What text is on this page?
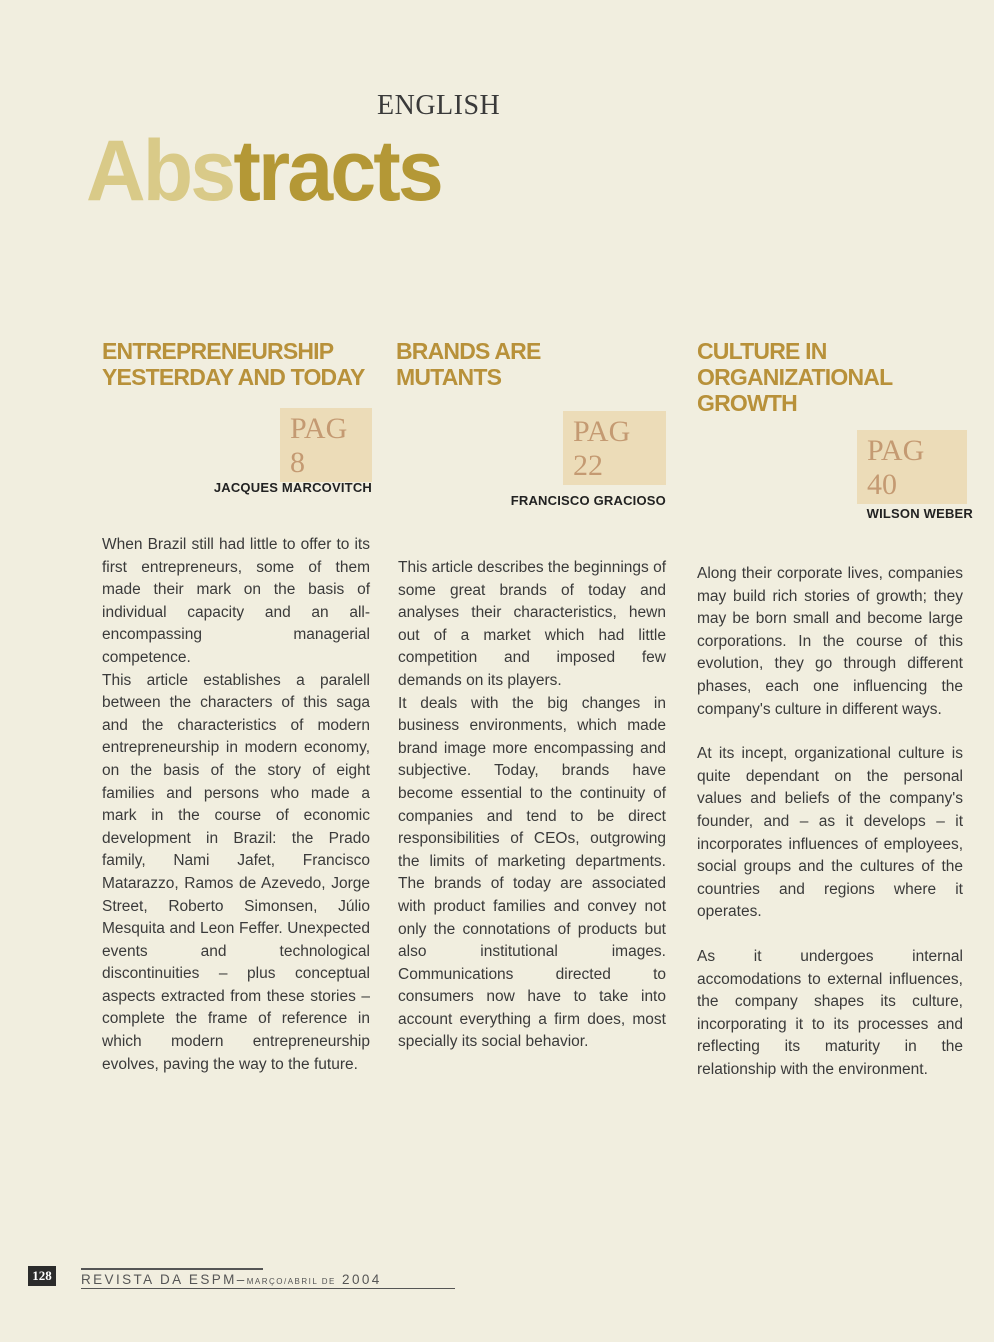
ENGLISH
Abstracts
ENTREPRENEURSHIP
YESTERDAY AND TODAY
PAG 8
JACQUES MARCOVITCH

When Brazil still had little to offer to its first entrepreneurs, some of them made their mark on the basis of individual capacity and an all-encompassing managerial competence.

This article establishes a paralell between the characters of this saga and the characteristics of modern entrepreneurship in modern economy, on the basis of the story of eight families and persons who made a mark in the course of economic development in Brazil: the Prado family, Nami Jafet, Francisco Matarazzo, Ramos de Azevedo, Jorge Street, Roberto Simonsen, Júlio Mesquita and Leon Feffer. Unexpected events and technological discontinuities – plus conceptual aspects extracted from these stories – complete the frame of reference in which modern entrepreneurship evolves, paving the way to the future.

BRANDS ARE
MUTANTS
PAG 22
FRANCISCO GRACIOSO

This article describes the beginnings of some great brands of today and analyses their characteristics, hewn out of a market which had little competition and imposed few demands on its players.

It deals with the big changes in business environments, which made brand image more encompassing and subjective. Today, brands have become essential to the continuity of companies and tend to be direct responsibilities of CEOs, outgrowing the limits of marketing departments. The brands of today are associated with product families and convey not only the connotations of products but also institutional images. Communications directed to consumers now have to take into account everything a firm does, most specially its social behavior.

CULTURE IN
ORGANIZATIONAL
GROWTH
PAG 40
WILSON WEBER

Along their corporate lives, companies may build rich stories of growth; they may be born small and become large corporations. In the course of this evolution, they go through different phases, each one influencing the company's culture in different ways.

At its incept, organizational culture is quite dependant on the personal values and beliefs of the company's founder, and – as it develops – it incorporates influences of employees, social groups and the cultures of the countries and regions where it operates.

As it undergoes internal accomodations to external influences, the company shapes its culture, incorporating it to its processes and reflecting its maturity in the relationship with the environment.

128	REVISTA DA ESPM–MARÇO/ABRIL DE 2004
